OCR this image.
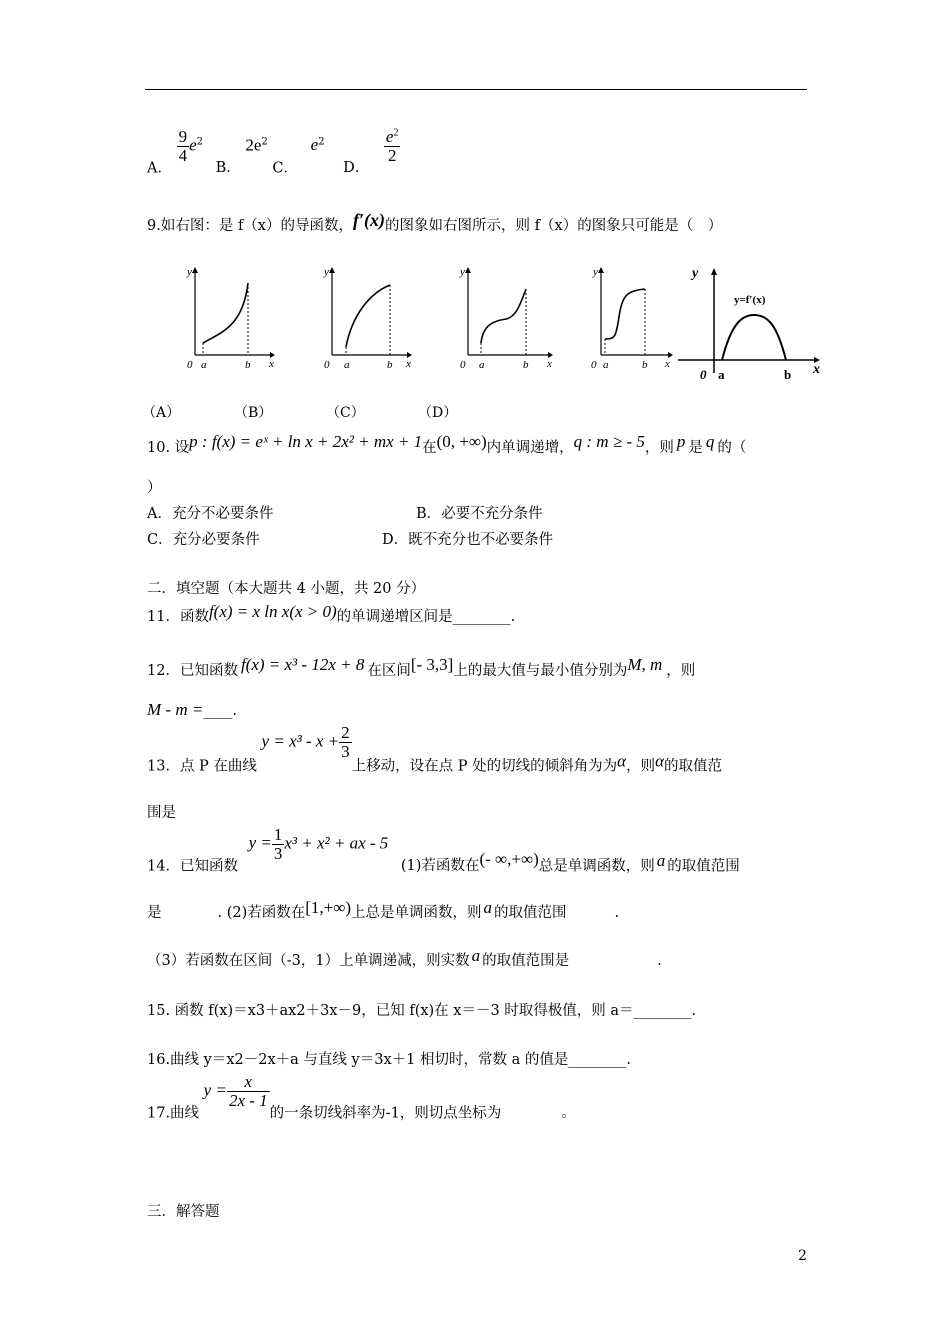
A．
$\frac{9}{4} e^2$ B． $2e^2$ C． $e^2$ D．
$\frac{e^2}{2}$
9.如右图：是 f（x）的导函数，f′(x)的图象如右图所示，则 f（x）的图象只可能是（　）
y
0 a	b x
y
0 a	b x
y
0 a	b x
y
0 a	b x
y
y=f′(x)
0 a	b x
（A）	（B）	（C）	（D）
10. 设p : f(x) = eˣ + ln x + 2x² + mx + 1在(0, +∞)内单调递增，q : m ≥ - 5，则 p 是 q 的（
）
A．充分不必要条件	B．必要不充分条件
C．充分必要条件	D．既不充分也不必要条件
二．填空题（本大题共 4 小题，共 20 分）
11．函数f(x) = x ln x(x > 0)的单调递增区间是________.
12．已知函数 f(x) = x³ - 12x + 8 在区间[- 3,3]上的最大值与最小值分别为M, m ，则
M - m =____.
13．点 P 在曲线 $y = x^3 - x + \frac{2}{3}$
上移动，设在点 P 处的切线的倾斜角为为α，则α的取值范
围是
14．已知函数 $y = \frac{1}{3} x^3 + x^2$ + ax - 5 (1)若函数在(- ∞,+∞)总是单调函数，则 a 的取值范围
是	. (2)若函数在[1,+∞)上总是单调函数，则 a 的取值范围	.
（3）若函数在区间（-3，1）上单调递减，则实数 a 的取值范围是	.
15. 函数 f(x)＝x3＋ax2＋3x－9，已知 f(x)在 x＝－3 时取得极值，则 a＝________.
16.曲线 y＝x2－2x＋a 与直线 y＝3x＋1 相切时，常数 a 的值是________.
17.曲线 $y = \frac{x}{2x - 1}$
的一条切线斜率为-1，则切点坐标为	。
三．解答题
2
